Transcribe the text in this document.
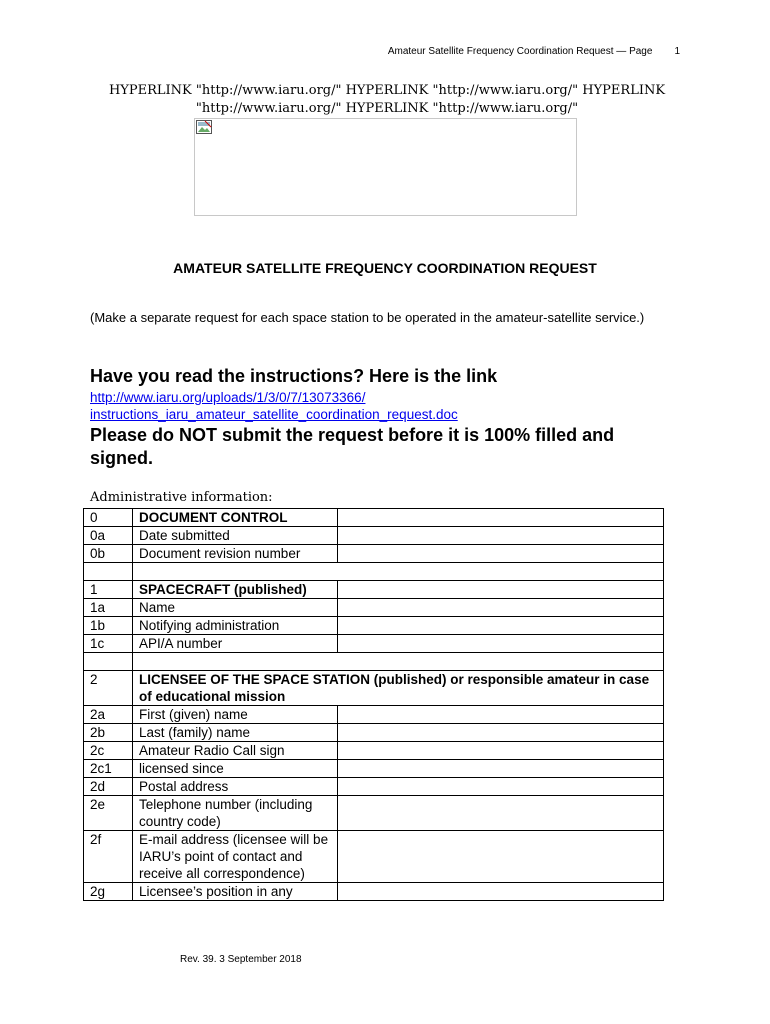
Amateur Satellite Frequency Coordination Request — Page 1
HYPERLINK "http://www.iaru.org/" HYPERLINK "http://www.iaru.org/" HYPERLINK "http://www.iaru.org/" HYPERLINK "http://www.iaru.org/"
AMATEUR SATELLITE FREQUENCY COORDINATION REQUEST
(Make a separate request for each space station to be operated in the amateur-satellite service.)
Have you read the instructions? Here is the link
http://www.iaru.org/uploads/1/3/0/7/13073366/
instructions_iaru_amateur_satellite_coordination_request.doc
Please do NOT submit the request before it is 100% filled and signed.
Administrative information:
0	DOCUMENT CONTROL	
0a	Date submitted	
0b	Document revision number	

1	SPACECRAFT (published)	
1a	Name	
1b	Notifying administration	
1c	API/A number	

2	LICENSEE OF THE SPACE STATION (published) or responsible amateur in case of educational mission	
2a	First (given) name	
2b	Last (family) name	
2c	Amateur Radio Call sign	
2c1	licensed since	
2d	Postal address	
2e	Telephone number (including country code)	
2f	E-mail address (licensee will be IARU’s point of contact and receive all correspondence)	
2g	Licensee’s position in any	
Rev. 39. 3 September 2018
